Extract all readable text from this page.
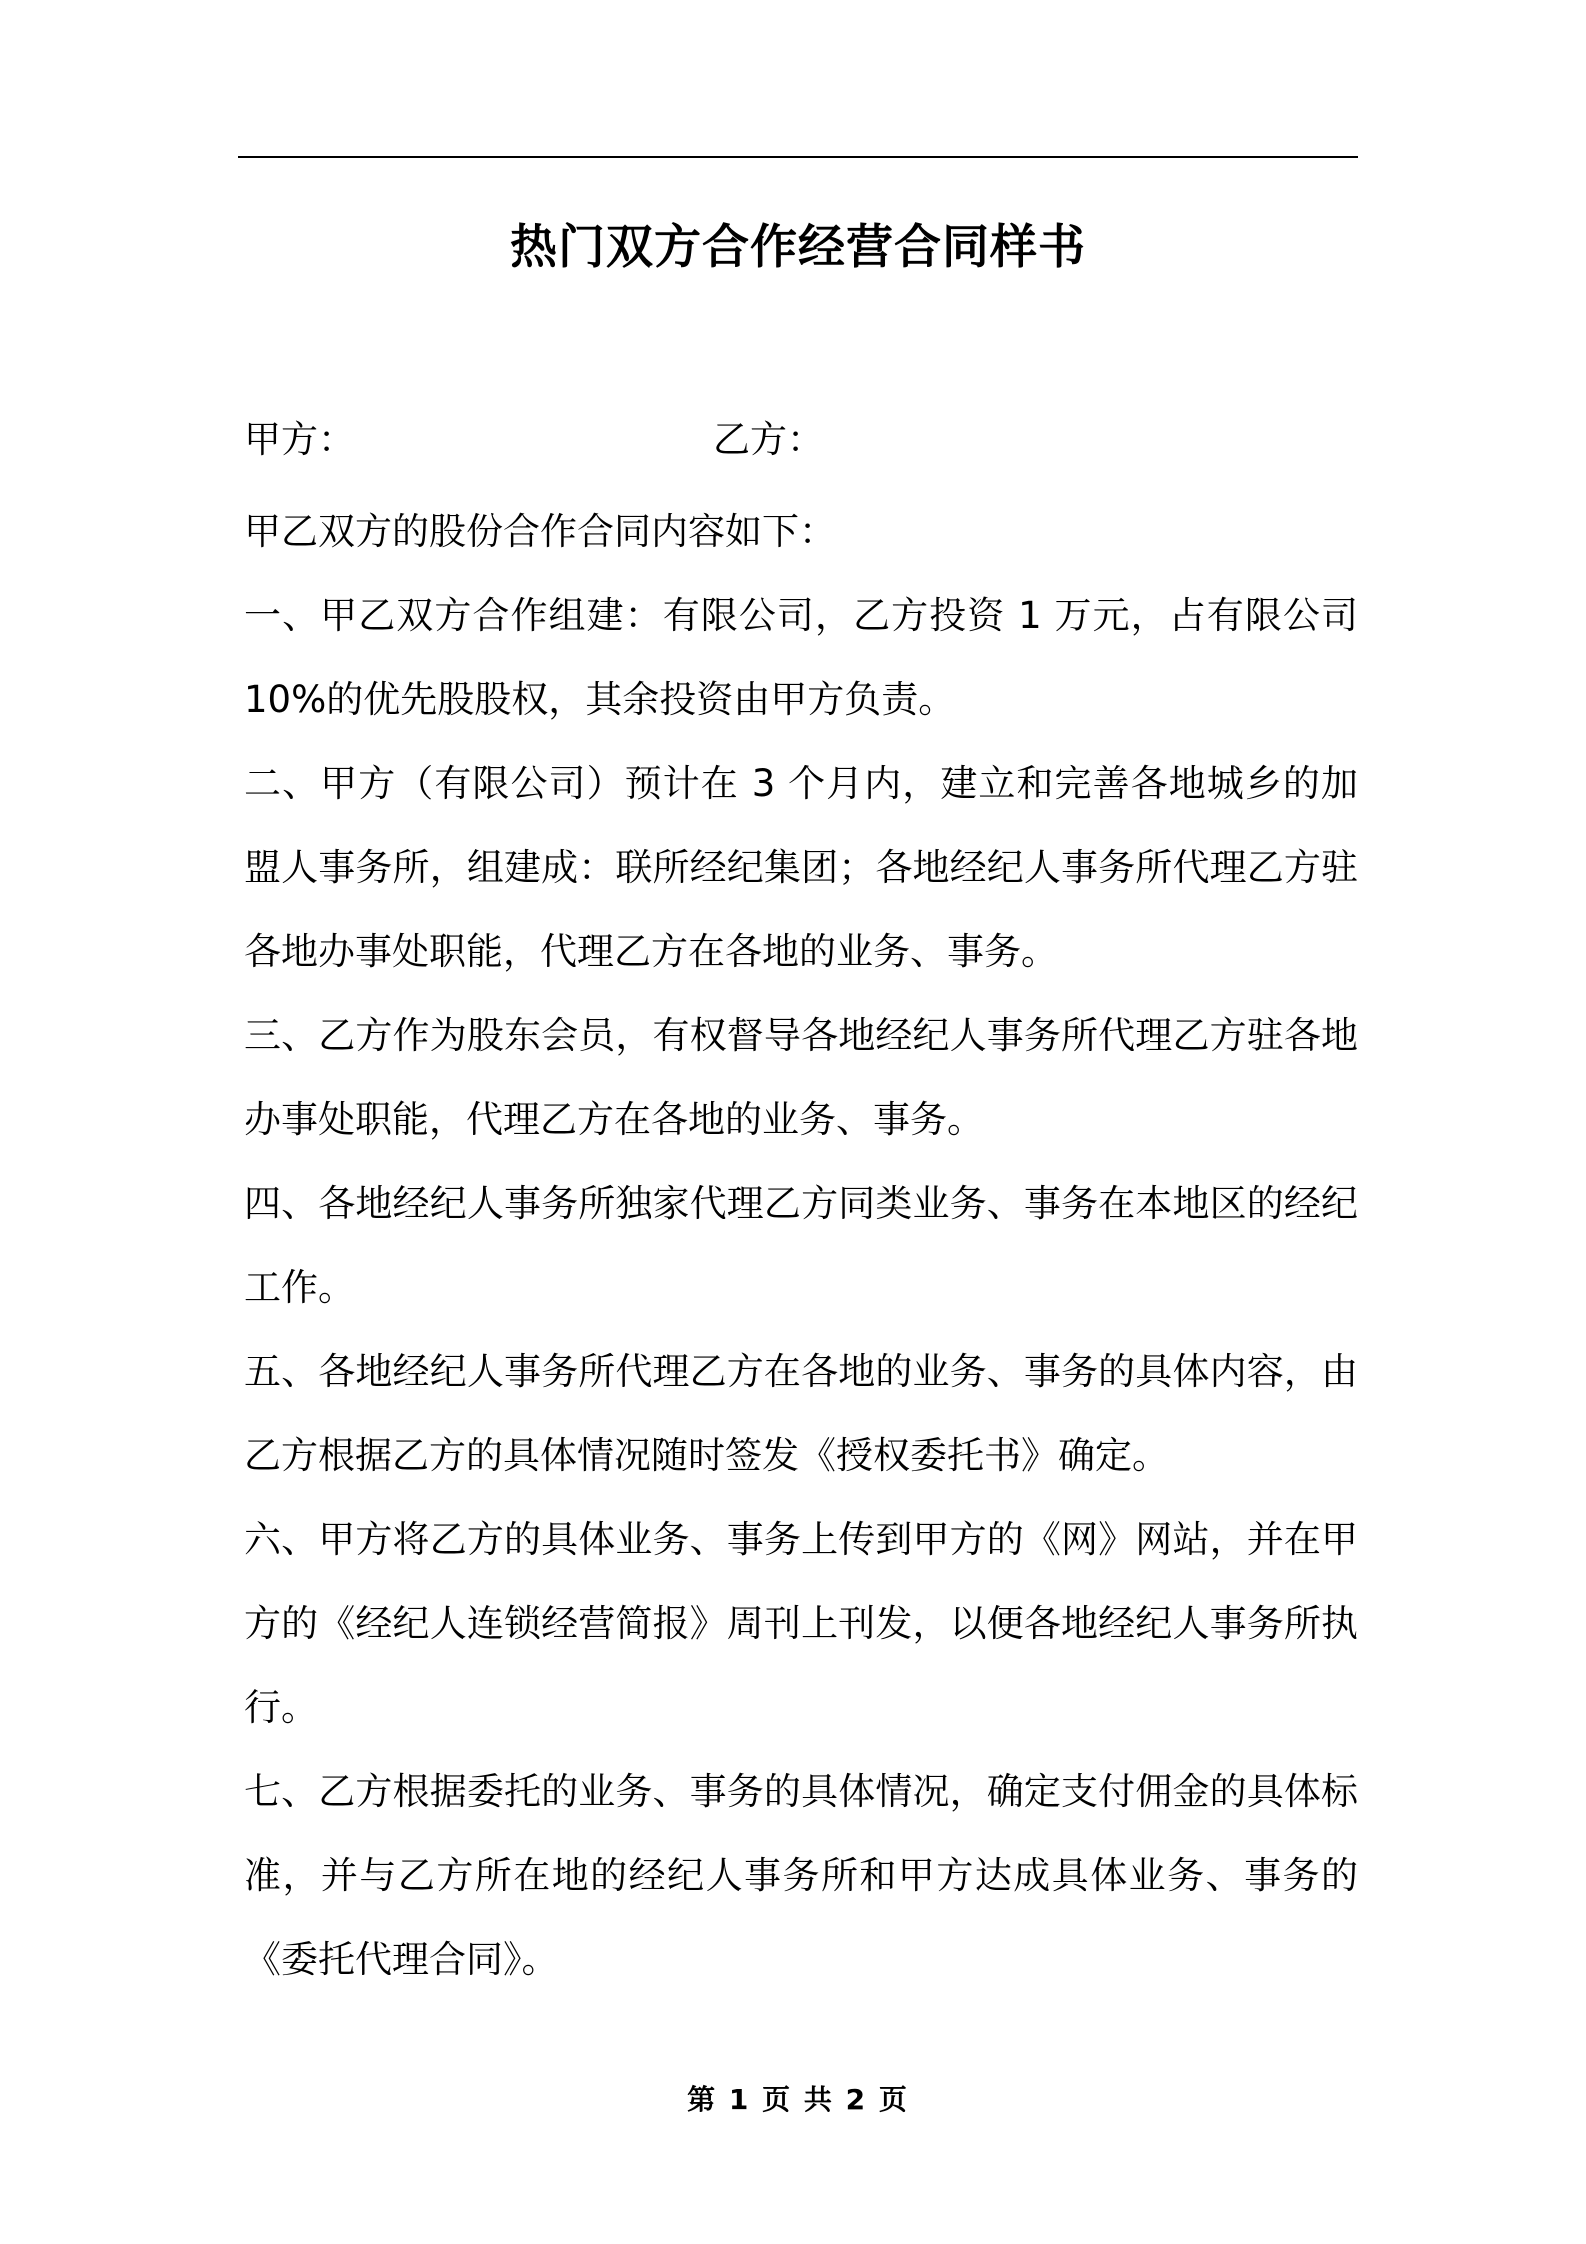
热门双方合作经营合同样书
甲方：	乙方：

甲乙双方的股份合作合同内容如下：

一、甲乙双方合作组建：有限公司，乙方投资 1 万元，占有限公司10%的优先股股权，其余投资由甲方负责。

二、甲方（有限公司）预计在 3 个月内，建立和完善各地城乡的加盟人事务所，组建成：联所经纪集团；各地经纪人事务所代理乙方驻各地办事处职能，代理乙方在各地的业务、事务。

三、乙方作为股东会员，有权督导各地经纪人事务所代理乙方驻各地办事处职能，代理乙方在各地的业务、事务。

四、各地经纪人事务所独家代理乙方同类业务、事务在本地区的经纪工作。

五、各地经纪人事务所代理乙方在各地的业务、事务的具体内容，由乙方根据乙方的具体情况随时签发《授权委托书》确定。

六、甲方将乙方的具体业务、事务上传到甲方的《网》网站，并在甲方的《经纪人连锁经营简报》周刊上刊发，以便各地经纪人事务所执行。

七、乙方根据委托的业务、事务的具体情况，确定支付佣金的具体标准，并与乙方所在地的经纪人事务所和甲方达成具体业务、事务的《委托代理合同》。

第 1 页 共 2 页
